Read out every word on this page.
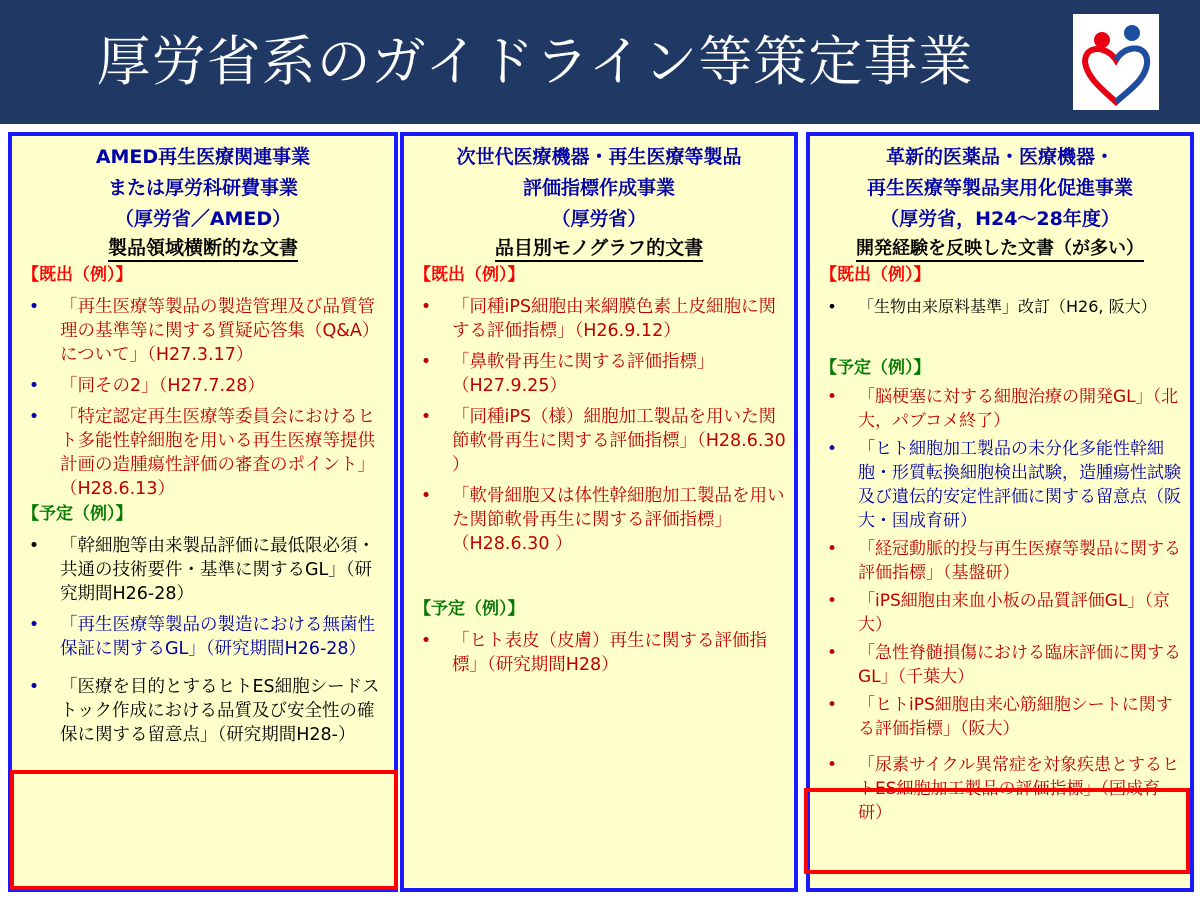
厚労省系のガイドライン等策定事業
AMED再生医療関連事業
または厚労科研費事業
（厚労省／AMED）
製品領域横断的な文書
【既出（例）】
• 「再生医療等製品の製造管理及び品質管理の基準等に関する質疑応答集（Q&A）について」（H27.3.17）
• 「同その2」（H27.7.28）
• 「特定認定再生医療等委員会におけるヒト多能性幹細胞を用いる再生医療等提供計画の造腫瘍性評価の審査のポイント」（H28.6.13）
【予定（例）】
• 「幹細胞等由来製品評価に最低限必須・共通の技術要件・基準に関するGL」（研究期間H26-28）
• 「再生医療等製品の製造における無菌性保証に関するGL」（研究期間H26-28）
• 「医療を目的とするヒトES細胞シードストック作成における品質及び安全性の確保に関する留意点」（研究期間H28-）
次世代医療機器・再生医療等製品
評価指標作成事業
（厚労省）
品目別モノグラフ的文書
【既出（例）】
• 「同種iPS細胞由来網膜色素上皮細胞に関する評価指標」（H26.9.12）
• 「鼻軟骨再生に関する評価指標」（H27.9.25）
• 「同種iPS（様）細胞加工製品を用いた関節軟骨再生に関する評価指標」（H28.6.30 ）
• 「軟骨細胞又は体性幹細胞加工製品を用いた関節軟骨再生に関する評価指標」（H28.6.30 ）
【予定（例）】
• 「ヒト表皮（皮膚）再生に関する評価指標」（研究期間H28）
革新的医薬品・医療機器・
再生医療等製品実用化促進事業
（厚労省，H24～28年度）
開発経験を反映した文書（が多い）
【既出（例）】
• 「生物由来原料基準」改訂（H26, 阪大）
【予定（例）】
• 「脳梗塞に対する細胞治療の開発GL」（北大，パブコメ終了）
• 「ヒト細胞加工製品の未分化多能性幹細胞・形質転換細胞検出試験，造腫瘍性試験及び遺伝的安定性評価に関する留意点（阪大・国成育研）
• 「経冠動脈的投与再生医療等製品に関する評価指標」（基盤研）
• 「iPS細胞由来血小板の品質評価GL」（京大）
• 「急性脊髄損傷における臨床評価に関するGL」（千葉大）
• 「ヒトiPS細胞由来心筋細胞シートに関する評価指標」（阪大）
• 「尿素サイクル異常症を対象疾患とするヒトES細胞加工製品の評価指標」（国成育研）
